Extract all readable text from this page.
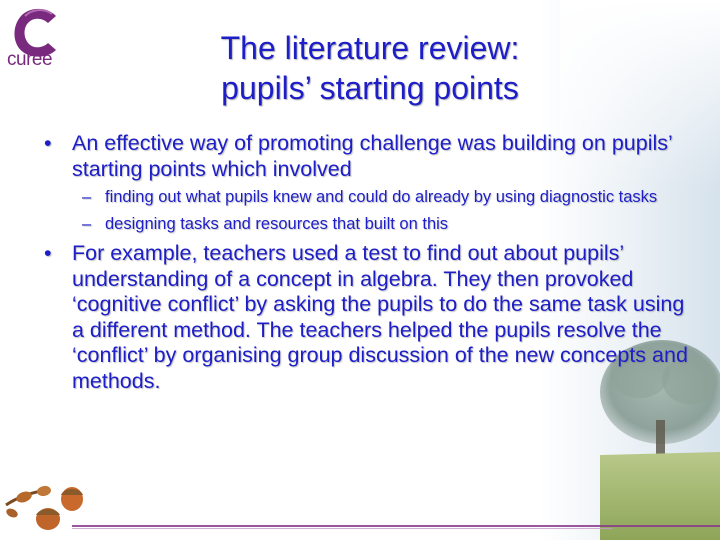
curee	The literature review:
pupils’ starting points
• An effective way of promoting challenge was building on pupils’ starting points which involved
– finding out what pupils knew and could do already by using diagnostic tasks
– designing tasks and resources that built on this
• For example, teachers used a test to find out about pupils’ understanding of a concept in algebra. They then provoked ‘cognitive conflict’ by asking the pupils to do the same task using a different method. The teachers helped the pupils resolve the ‘conflict’ by organising group discussion of the new concepts and methods.
